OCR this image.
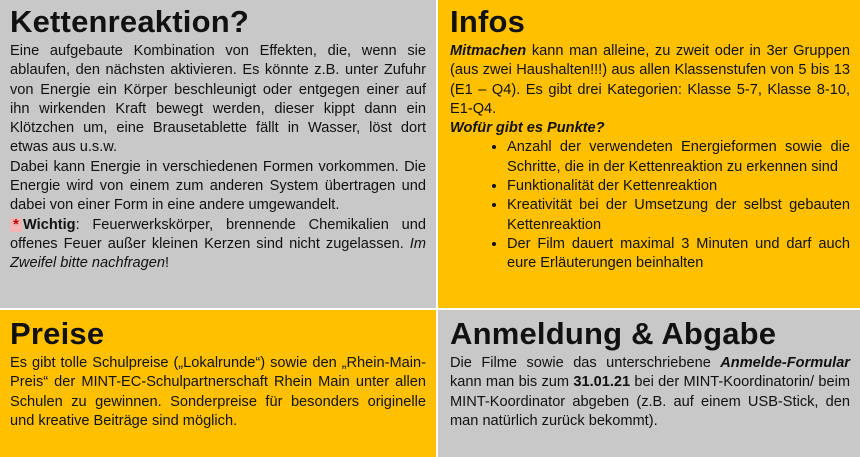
Kettenreaktion?

Eine aufgebaute Kombination von Effekten, die, wenn sie ablaufen, den nächsten aktivieren. Es könnte z.B. unter Zufuhr von Energie ein Körper beschleunigt oder entgegen einer auf ihn wirkenden Kraft bewegt werden, dieser kippt dann ein Klötzchen um, eine Brausetablette fällt in Wasser, löst dort etwas aus u.s.w.

Dabei kann Energie in verschiedenen Formen vorkommen. Die Energie wird von einem zum anderen System übertragen und dabei von einer Form in eine andere umgewandelt.

* Wichtig: Feuerwerkskörper, brennende Chemikalien und offenes Feuer außer kleinen Kerzen sind nicht zugelassen. Im Zweifel bitte nachfragen!

Infos

Mitmachen kann man alleine, zu zweit oder in 3er Gruppen (aus zwei Haushalten!!!) aus allen Klassenstufen von 5 bis 13 (E1 – Q4). Es gibt drei Kategorien: Klasse 5-7, Klasse 8-10, E1-Q4.

Wofür gibt es Punkte?

• Anzahl der verwendeten Energieformen sowie die Schritte, die in der Kettenreaktion zu erkennen sind
• Funktionalität der Kettenreaktion
• Kreativität bei der Umsetzung der selbst gebauten Kettenreaktion
• Der Film dauert maximal 3 Minuten und darf auch eure Erläuterungen beinhalten
Preise

Es gibt tolle Schulpreise („Lokalrunde“) sowie den „Rhein-Main-Preis“ der MINT-EC-Schulpartnerschaft Rhein Main unter allen Schulen zu gewinnen. Sonderpreise für besonders originelle und kreative Beiträge sind möglich.

Anmeldung & Abgabe

Die Filme sowie das unterschriebene Anmelde-Formular kann man bis zum 31.01.21 bei der MINT-Koordinatorin/ beim MINT-Koordinator abgeben (z.B. auf einem USB-Stick, den man natürlich zurück bekommt).
